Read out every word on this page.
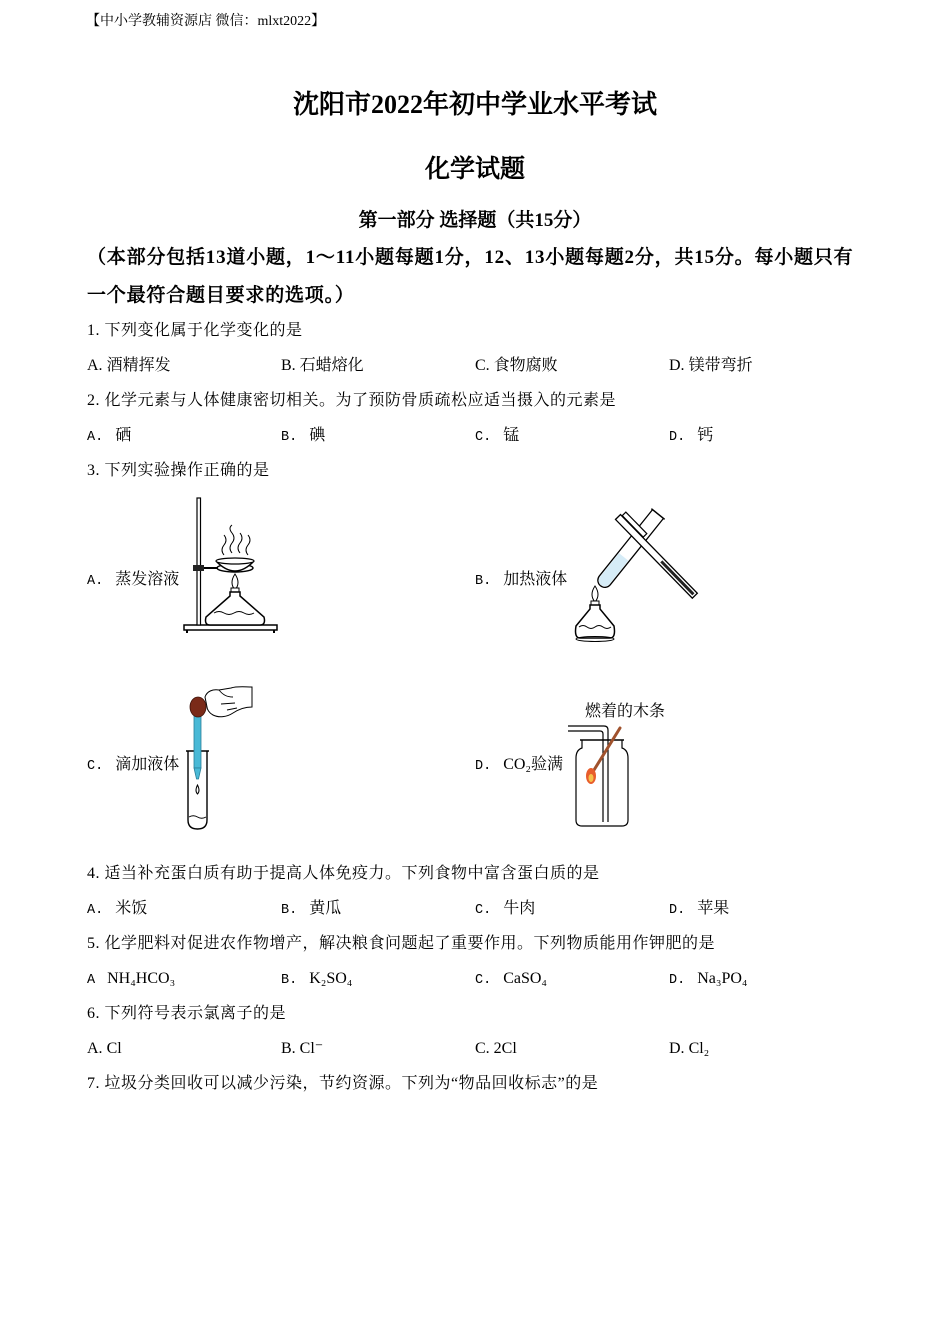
【中小学教辅资源店 微信：mlxt2022】
沈阳市2022年初中学业水平考试
化学试题
第一部分 选择题（共15分）
（本部分包括13道小题，1～11小题每题1分，12、13小题每题2分，共15分。每小题只有
一个最符合题目要求的选项。）
1. 下列变化属于化学变化的是
A. 酒精挥发	B. 石蜡熔化	C. 食物腐败	D. 镁带弯折
2. 化学元素与人体健康密切相关。为了预防骨质疏松应适当摄入的元素是
A. 硒	B. 碘	C. 锰	D. 钙
3. 下列实验操作正确的是
A. 蒸发溶液	B. 加热液体
C. 滴加液体	D. CO₂验满
燃着的木条
4. 适当补充蛋白质有助于提高人体免疫力。下列食物中富含蛋白质的是
A. 米饭	B. 黄瓜	C. 牛肉	D. 苹果
5. 化学肥料对促进农作物增产，解决粮食问题起了重要作用。下列物质能用作钾肥的是
A NH₄HCO₃	B. K₂SO₄	C. CaSO₄	D. Na₃PO₄
6. 下列符号表示氯离子的是
A. Cl	B. Cl⁻	C. 2Cl	D. Cl₂
7. 垃圾分类回收可以减少污染，节约资源。下列为“物品回收标志”的是
